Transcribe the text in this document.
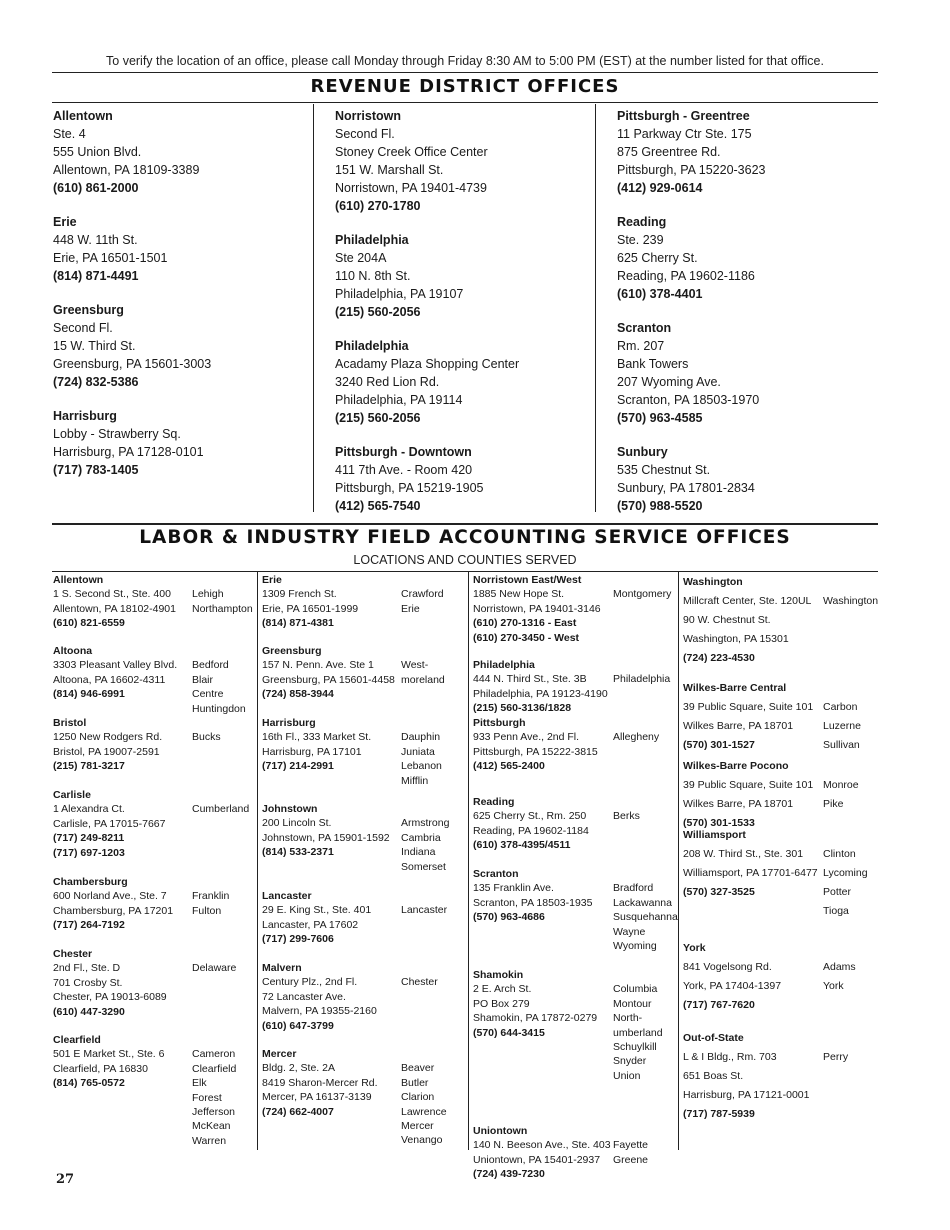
To verify the location of an office, please call Monday through Friday 8:30 AM to 5:00 PM (EST) at the number listed for that office.
REVENUE DISTRICT OFFICES
Allentown
Ste. 4
555 Union Blvd.
Allentown, PA 18109-3389
(610) 861-2000
Erie
448 W. 11th St.
Erie, PA 16501-1501
(814) 871-4491
Greensburg
Second Fl.
15 W. Third St.
Greensburg, PA 15601-3003
(724) 832-5386
Harrisburg
Lobby - Strawberry Sq.
Harrisburg, PA 17128-0101
(717) 783-1405
Norristown
Second Fl.
Stoney Creek Office Center
151 W. Marshall St.
Norristown, PA 19401-4739
(610) 270-1780
Philadelphia
Ste 204A
110 N. 8th St.
Philadelphia, PA 19107
(215) 560-2056
Philadelphia
Acadamy Plaza Shopping Center
3240 Red Lion Rd.
Philadelphia, PA 19114
(215) 560-2056
Pittsburgh - Downtown
411 7th Ave. - Room 420
Pittsburgh, PA 15219-1905
(412) 565-7540
Pittsburgh - Greentree
11 Parkway Ctr Ste. 175
875 Greentree Rd.
Pittsburgh, PA 15220-3623
(412) 929-0614
Reading
Ste. 239
625 Cherry St.
Reading, PA 19602-1186
(610) 378-4401
Scranton
Rm. 207
Bank Towers
207 Wyoming Ave.
Scranton, PA 18503-1970
(570) 963-4585
Sunbury
535 Chestnut St.
Sunbury, PA 17801-2834
(570) 988-5520
LABOR & INDUSTRY FIELD ACCOUNTING SERVICE OFFICES
LOCATIONS AND COUNTIES SERVED
Allentown
1 S. Second St., Ste. 400
Allentown, PA 18102-4901
(610) 821-6559
Lehigh
Northampton
Altoona
3303 Pleasant Valley Blvd.
Altoona, PA 16602-4311
(814) 946-6991
Bedford
Blair
Centre
Huntingdon
Bristol
1250 New Rodgers Rd.
Bristol, PA 19007-2591
(215) 781-3217
Bucks
Carlisle
1 Alexandra Ct.
Carlisle, PA 17015-7667
(717) 249-8211
(717) 697-1203
Cumberland
Chambersburg
600 Norland Ave., Ste. 7
Chambersburg, PA 17201
(717) 264-7192
Franklin
Fulton
Chester
2nd Fl., Ste. D
701 Crosby St.
Chester, PA 19013-6089
(610) 447-3290
Delaware
Clearfield
501 E Market St., Ste. 6
Clearfield, PA 16830
(814) 765-0572
Cameron
Clearfield
Elk
Forest
Jefferson
McKean
Warren
Erie
1309 French St.
Erie, PA 16501-1999
(814) 871-4381
Crawford
Erie
Greensburg
157 N. Penn. Ave. Ste 1
Greensburg, PA 15601-4458
(724) 858-3944
West-
moreland
Harrisburg
16th Fl., 333 Market St.
Harrisburg, PA 17101
(717) 214-2991
Dauphin
Juniata
Lebanon
Mifflin
Johnstown
200 Lincoln St.
Johnstown, PA 15901-1592
(814) 533-2371
Armstrong
Cambria
Indiana
Somerset
Lancaster
29 E. King St., Ste. 401
Lancaster, PA 17602
(717) 299-7606
Lancaster
Malvern
Century Plz., 2nd Fl.
72 Lancaster Ave.
Malvern, PA 19355-2160
(610) 647-3799
Chester
Mercer
Bldg. 2, Ste. 2A
8419 Sharon-Mercer Rd.
Mercer, PA 16137-3139
(724) 662-4007
Beaver
Butler
Clarion
Lawrence
Mercer
Venango
Norristown East/West
1885 New Hope St.
Norristown, PA 19401-3146
(610) 270-1316 - East
(610) 270-3450 - West
Montgomery
Philadelphia
444 N. Third St., Ste. 3B
Philadelphia, PA 19123-4190
(215) 560-3136/1828
Philadelphia
Pittsburgh
933 Penn Ave., 2nd Fl.
Pittsburgh, PA 15222-3815
(412) 565-2400
Allegheny
Reading
625 Cherry St., Rm. 250
Reading, PA 19602-1184
(610) 378-4395/4511
Berks
Scranton
135 Franklin Ave.
Scranton, PA 18503-1935
(570) 963-4686
Bradford
Lackawanna
Susquehanna
Wayne
Wyoming
Shamokin
2 E. Arch St.
PO Box 279
Shamokin, PA 17872-0279
(570) 644-3415
Columbia
Montour
North-
umberland
Schuylkill
Snyder
Union
Uniontown
140 N. Beeson Ave., Ste. 403
Uniontown, PA 15401-2937
(724) 439-7230
Fayette
Greene
Washington
Millcraft Center, Ste. 120UL
90 W. Chestnut St.
Washington, PA 15301
(724) 223-4530
Washington
Wilkes-Barre Central
39 Public Square, Suite 101
Wilkes Barre, PA 18701
(570) 301-1527
Carbon
Luzerne
Sullivan
Wilkes-Barre Pocono
39 Public Square, Suite 101
Wilkes Barre, PA 18701
(570) 301-1533
Monroe
Pike
Williamsport
208 W. Third St., Ste. 301
Williamsport, PA 17701-6477
(570) 327-3525
Clinton
Lycoming
Potter
Tioga
York
841 Vogelsong Rd.
York, PA 17404-1397
(717) 767-7620
Adams
York
Out-of-State
L & I Bldg., Rm. 703
651 Boas St.
Harrisburg, PA 17121-0001
(717) 787-5939
Perry
27
